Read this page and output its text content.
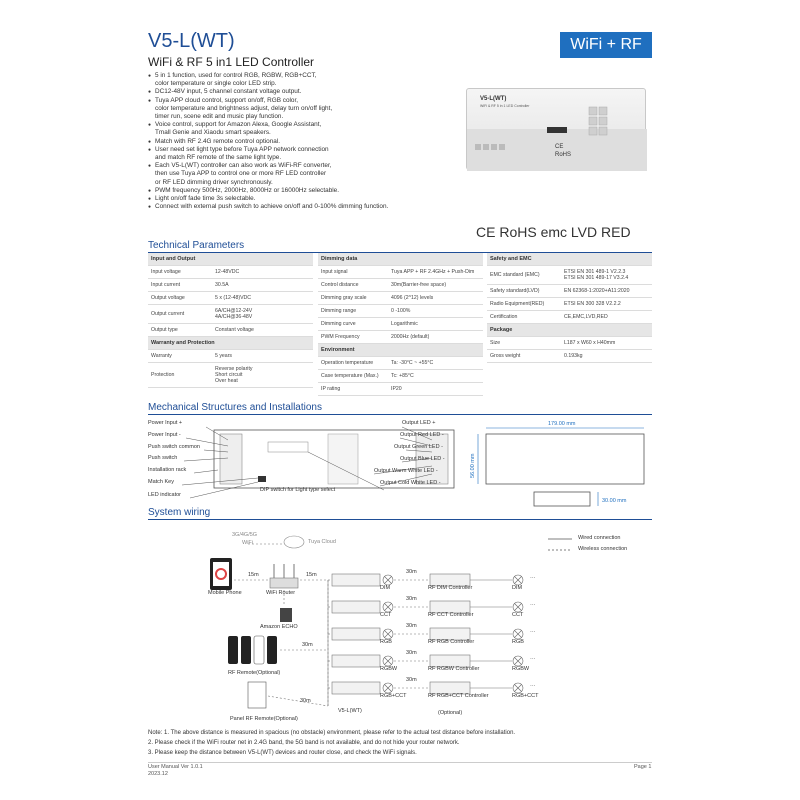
V5-L(WT)	WiFi + RF
WiFi & RF 5 in1 LED Controller
● 5 in 1 function, used for control RGB, RGBW, RGB+CCT,
color temperature or single color LED strip.
● DC12-48V input, 5 channel constant voltage output.
● Tuya APP cloud control, support on/off, RGB color,
color temperature and brightness adjust, delay turn on/off light,
timer run, scene edit and music play function.
● Voice control, support for Amazon Alexa, Google Assistant,
Tmall Genie and Xiaodu smart speakers.
● Match with RF 2.4G remote control optional.
● User need set light type before Tuya APP network connection
and match RF remote of the same light type.
● Each V5-L(WT) controller can also work as WiFi-RF converter,
then use Tuya APP to control one or more RF LED controller
or RF LED dimming driver synchronously.
● PWM frequency 500Hz, 2000Hz, 8000Hz or 16000Hz selectable.
● Light on/off fade time 3s selectable.
● Connect with external push switch to achieve on/off and 0-100% dimming function.
V5-L(WT)
WiFi & RF 5 in 1 LED Controller
CE
RoHS
CE RoHS emc LVD RED
Technical Parameters
Input and Output
Input voltage	12-48VDC
Input current	30.5A
Output voltage	5 x (12-48)VDC
Output current	6A/CH@12-24V
4A/CH@36-48V
Output type	Constant voltage
Warranty and Protection
Warranty	5 years
Protection
Reverse polarity
Short circuit
Over heat
Dimming data
Input signal	Tuya APP + RF 2.4GHz + Push-Dim
Control distance	30m(Barrier-free space)
Dimming gray scale	4096 (2^12) levels
Dimming range	0 -100%
Dimming curve	Logarithmic
PWM Frequency	2000Hz (default)
Environment
Operation temperature	Ta: -30°C ~ +55°C
Case temperature (Max.)	Tc: +85°C
IP rating	IP20
Safety and EMC
EMC standard (EMC)	ETSI EN 301 489-1 V2.2.3
ETSI EN 301 489-17 V3.2.4
Safety standard(LVD)	EN 62368-1:2020+A11:2020
Radio Equipment(RED)	ETSI EN 300 328 V2.2.2
Certification	CE,EMC,LVD,RED
Package
Size	L187 x W60 x H40mm
Gross weight	0.193kg
Mechanical Structures and Installations
Power Input +
Power Input -
Push switch common
Push switch
Installation rack
Match Key
LED indicator
DIP switch for Light type select
Output LED +
Output Red LED -
Output Green LED -
Output Blue LED -
Output Warm White LED -
Output Cold White LED -
179.00 mm
56.00 mm
30.00 mm
System wiring
Wired connection
Wireless connection
3G/4G/5G
WiFi	Tuya Cloud
Mobile Phone	WiFi Router
Amazon ECHO
RF Remote(Optional)
Panel RF Remote(Optional)
15m	15m
30m
30m
DIM	RF DIM Controller	DIM
30m
···
CCT	RF CCT Controller	CCT
30m
···
RGB	RF RGB Controller	RGB
30m
···
RGBW	RF RGBW Controller	RGBW
30m
···
RGB+CCT	RF RGB+CCT Controller	RGB+CCT
30m
···
V5-L(WT)	(Optional)
Note: 1. The above distance is measured in spacious (no obstacle) environment, please refer to the actual test distance before installation.
2. Please check if the WiFi router net in 2.4G band, the 5G band is not available, and do not hide your router network.
3. Please keep the distance between V5-L(WT) devices and router close, and check the WiFi signals.
User Manual Ver 1.0.1
2023.12
Page 1
